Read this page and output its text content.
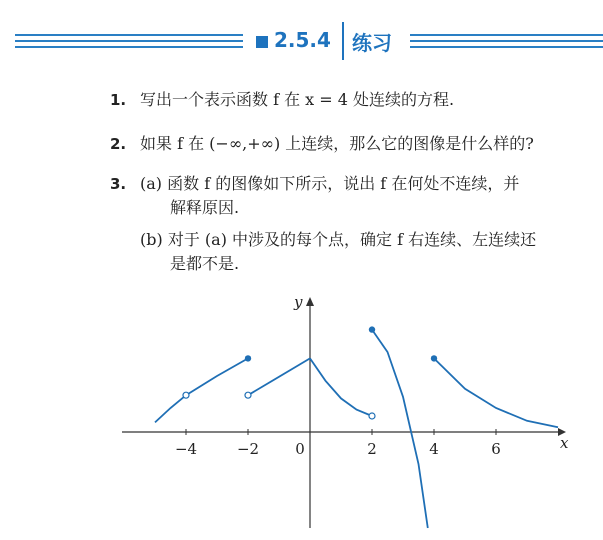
2.5.4 练习
1. 写出一个表示函数 f 在 x = 4 处连续的方程.
2. 如果 f 在 (−∞,+∞) 上连续，那么它的图像是什么样的?
3. (a) 函数 f 的图像如下所示，说出 f 在何处不连续，并
解释原因.
(b) 对于 (a) 中涉及的每个点，确定 f 右连续、左连续还
是都不是.
−4	−2 0	2	4	6	x
y
